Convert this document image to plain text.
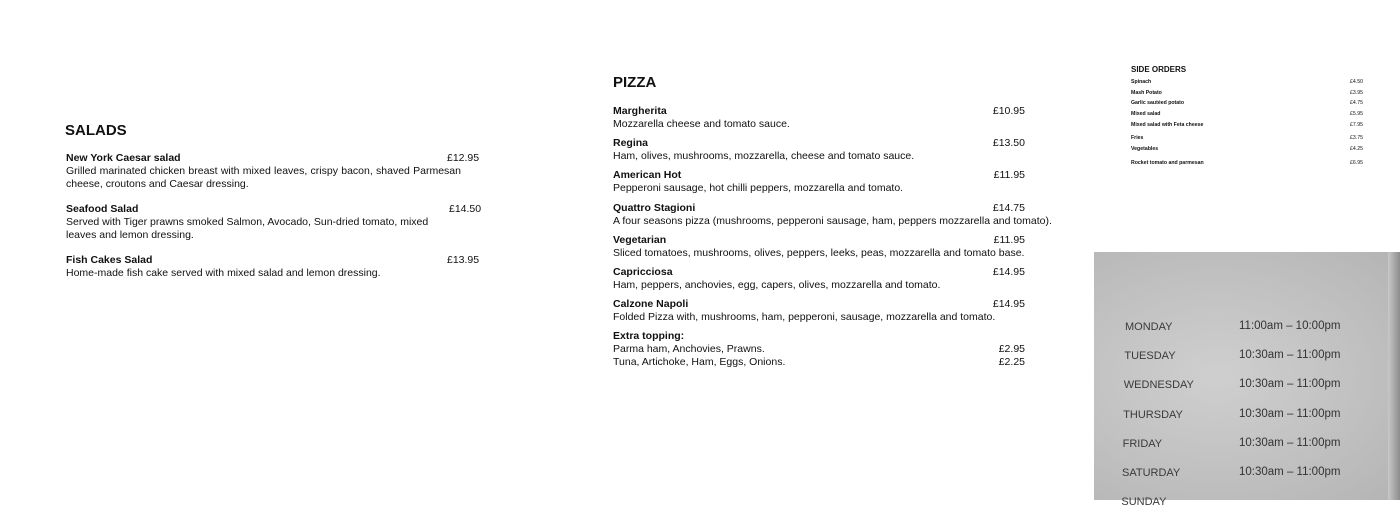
SALADS
New York Caesar salad	£12.95
Grilled marinated chicken breast with mixed leaves, crispy bacon, shaved Parmesan cheese, croutons and Caesar dressing.
Seafood Salad	£14.50
Served with Tiger prawns smoked Salmon, Avocado, Sun-dried tomato, mixed leaves and lemon dressing.
Fish Cakes Salad	£13.95
Home-made fish cake served with mixed salad and lemon dressing.
PIZZA
Margherita	£10.95
Mozzarella cheese and tomato sauce.
Regina	£13.50
Ham, olives, mushrooms, mozzarella, cheese and tomato sauce.
American Hot	£11.95
Pepperoni sausage, hot chilli peppers, mozzarella and tomato.
Quattro Stagioni	£14.75
A four seasons pizza (mushrooms, pepperoni sausage, ham, peppers mozzarella and tomato).
Vegetarian	£11.95
Sliced tomatoes, mushrooms, olives, peppers, leeks, peas, mozzarella and tomato base.
Capricciosa	£14.95
Ham, peppers, anchovies, egg, capers, olives, mozzarella and tomato.
Calzone Napoli	£14.95
Folded Pizza with, mushrooms, ham, pepperoni, sausage, mozzarella and tomato.
Extra topping:
Parma ham, Anchovies, Prawns.	£2.95
Tuna, Artichoke, Ham, Eggs, Onions.	£2.25
SIDE ORDERS
Spinach	£4.50
Mash Potato	£3.95
Garlic sautéed potato	£4.75
Mixed salad	£5.95
Mixed salad with Feta cheese	£7.95
Fries	£3.75
Vegetables	£4.25
Rocket tomato and parmesan	£6.95
MONDAY	11:00am – 10:00pm
TUESDAY	10:30am – 11:00pm
WEDNESDAY	10:30am – 11:00pm
THURSDAY	10:30am – 11:00pm
FRIDAY	10:30am – 11:00pm
SATURDAY	10:30am – 11:00pm
SUNDAY
